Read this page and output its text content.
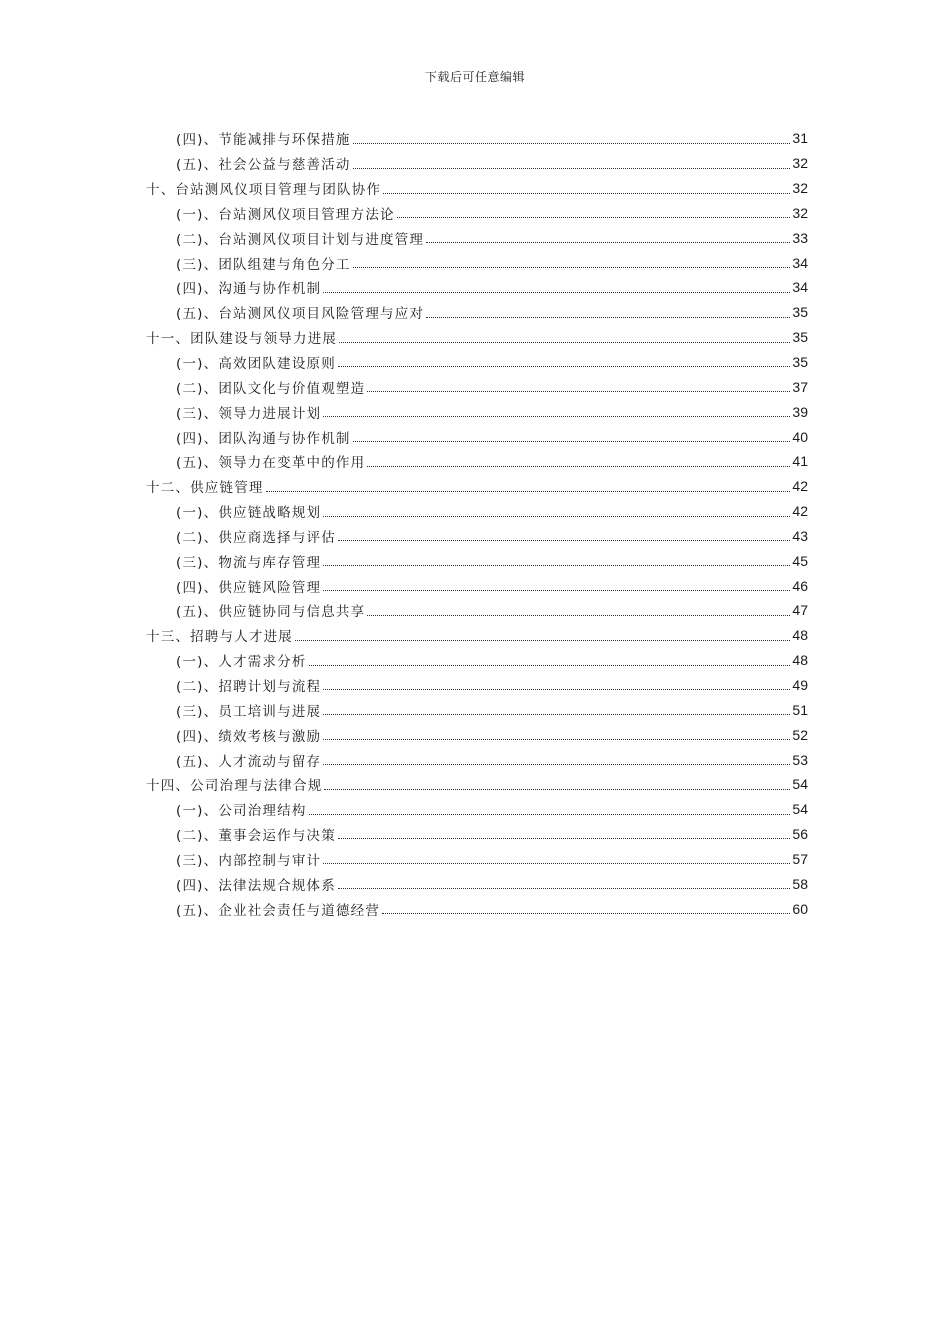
下载后可任意编辑
(四)、节能减排与环保措施	31
(五)、社会公益与慈善活动	32
十、台站测风仪项目管理与团队协作	32
(一)、台站测风仪项目管理方法论	32
(二)、台站测风仪项目计划与进度管理	33
(三)、团队组建与角色分工	34
(四)、沟通与协作机制	34
(五)、台站测风仪项目风险管理与应对	35
十一、团队建设与领导力进展	35
(一)、高效团队建设原则	35
(二)、团队文化与价值观塑造	37
(三)、领导力进展计划	39
(四)、团队沟通与协作机制	40
(五)、领导力在变革中的作用	41
十二、供应链管理	42
(一)、供应链战略规划	42
(二)、供应商选择与评估	43
(三)、物流与库存管理	45
(四)、供应链风险管理	46
(五)、供应链协同与信息共享	47
十三、招聘与人才进展	48
(一)、人才需求分析	48
(二)、招聘计划与流程	49
(三)、员工培训与进展	51
(四)、绩效考核与激励	52
(五)、人才流动与留存	53
十四、公司治理与法律合规	54
(一)、公司治理结构	54
(二)、董事会运作与决策	56
(三)、内部控制与审计	57
(四)、法律法规合规体系	58
(五)、企业社会责任与道德经营	60
